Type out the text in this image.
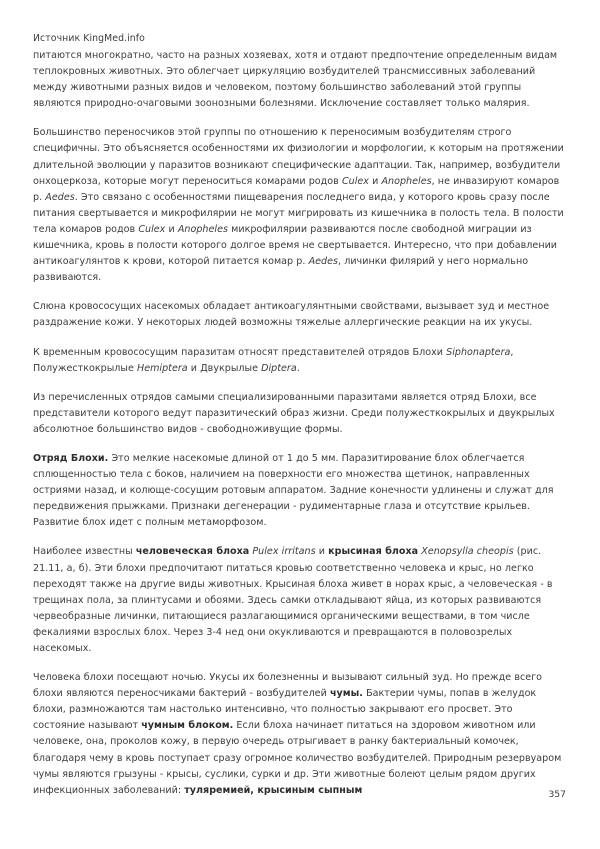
Источник KingMed.info

питаются многократно, часто на разных хозяевах, хотя и отдают предпочтение определенным видам теплокровных животных. Это облегчает циркуляцию возбудителей трансмиссивных заболеваний между животными разных видов и человеком, поэтому большинство заболеваний этой группы являются природно-очаговыми зоонозными болезнями. Исключение составляет только малярия.

Большинство переносчиков этой группы по отношению к переносимым возбудителям строго специфичны. Это объясняется особенностями их физиологии и морфологии, к которым на протяжении длительной эволюции у паразитов возникают специфические адаптации. Так, например, возбудители онхоцеркоза, которые могут переноситься комарами родов Culex и Anopheles, не инвазируют комаров р. Aedes. Это связано с особенностями пищеварения последнего вида, у которого кровь сразу после питания свертывается и микрофилярии не могут мигрировать из кишечника в полость тела. В полости тела комаров родов Culex и Anopheles микрофилярии развиваются после свободной миграции из кишечника, кровь в полости которого долгое время не свертывается. Интересно, что при добавлении антикоагулянтов к крови, которой питается комар р. Aedes, личинки филярий у него нормально развиваются.

Слюна кровососущих насекомых обладает антикоагулянтными свойствами, вызывает зуд и местное раздражение кожи. У некоторых людей возможны тяжелые аллергические реакции на их укусы.

К временным кровососущим паразитам относят представителей отрядов Блохи Siphonaptera, Полужесткокрылые Hemiptera и Двукрылые Diptera.

Из перечисленных отрядов самыми специализированными паразитами является отряд Блохи, все представители которого ведут паразитический образ жизни. Среди полужесткокрылых и двукрылых абсолютное большинство видов - свободноживущие формы.

Отряд Блохи. Это мелкие насекомые длиной от 1 до 5 мм. Паразитирование блох облегчается сплющенностью тела с боков, наличием на поверхности его множества щетинок, направленных остриями назад, и колюще-сосущим ротовым аппаратом. Задние конечности удлинены и служат для передвижения прыжками. Признаки дегенерации - рудиментарные глаза и отсутствие крыльев. Развитие блох идет с полным метаморфозом.

Наиболее известны человеческая блоха Pulex irritans и крысиная блоха Xenopsylla cheopis (рис. 21.11, а, б). Эти блохи предпочитают питаться кровью соответственно человека и крыс, но легко переходят также на другие виды животных. Крысиная блоха живет в норах крыс, а человеческая - в трещинах пола, за плинтусами и обоями. Здесь самки откладывают яйца, из которых развиваются червеобразные личинки, питающиеся разлагающимися органическими веществами, в том числе фекалиями взрослых блох. Через 3-4 нед они окукливаются и превращаются в половозрелых насекомых.

Человека блохи посещают ночью. Укусы их болезненны и вызывают сильный зуд. Но прежде всего блохи являются переносчиками бактерий - возбудителей чумы. Бактерии чумы, попав в желудок блохи, размножаются там настолько интенсивно, что полностью закрывают его просвет. Это состояние называют чумным блоком. Если блоха начинает питаться на здоровом животном или человеке, она, проколов кожу, в первую очередь отрыгивает в ранку бактериальный комочек, благодаря чему в кровь поступает сразу огромное количество возбудителей. Природным резервуаром чумы являются грызуны - крысы, суслики, сурки и др. Эти животные болеют целым рядом других инфекционных заболеваний: туляремией, крысиным сыпным	357
